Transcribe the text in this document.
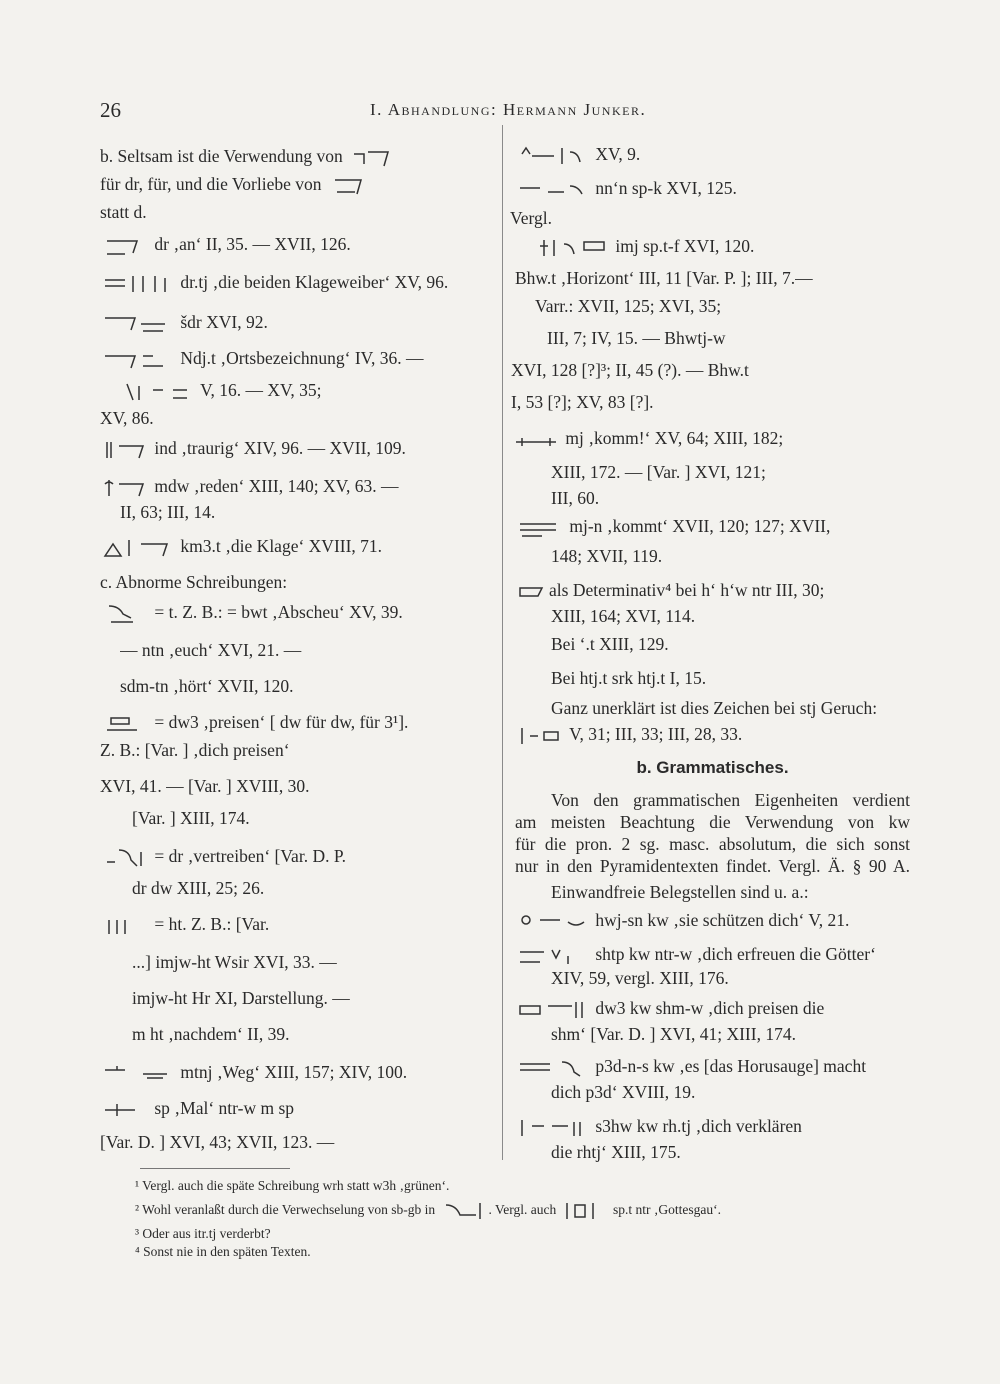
26	I. Abhandlung: Hermann Junker.
b. Seltsam ist die Verwendung von
für dr, für, und die Vorliebe von
statt d.
dr ‚an‘ II, 35. — XVII, 126.
dr.tj ‚die beiden Klageweiber‘ XV, 96.
šdr XVI, 92.
Ndj.t ‚Ortsbezeichnung‘ IV, 36. —
V, 16. — XV, 35;
XV, 86.
ind ‚traurig‘ XIV, 96. — XVII, 109.
mdw ‚reden‘ XIII, 140; XV, 63. —
II, 63; III, 14.
km3.t ‚die Klage‘ XVIII, 71.
c. Abnorme Schreibungen:
= t. Z. B.: = bwt ‚Abscheu‘ XV, 39.
— ntn ‚euch‘ XVI, 21. —
sdm-tn ‚hört‘ XVII, 120.
= dw3 ‚preisen‘ [ dw für dw, für 3¹].
Z. B.: [Var. ] ‚dich preisen‘
XVI, 41. — [Var. ] XVIII, 30.
[Var. ] XIII, 174.
= dr ‚vertreiben‘ [Var. D. P.
dr dw XIII, 25; 26.
= ht. Z. B.: [Var.
...] imjw-ht Wsir XVI, 33. —
imjw-ht Hr XI, Darstellung. —
m ht ‚nachdem‘ II, 39.
mtnj ‚Weg‘ XIII, 157; XIV, 100.
sp ‚Mal‘ ntr-w m sp
[Var. D. ] XVI, 43; XVII, 123. —
XV, 9.
nn‘n sp-k XVI, 125.
Vergl.
imj sp.t-f XVI, 120.
Bhw.t ‚Horizont‘ III, 11 [Var. P. ]; III, 7.—
Varr.: XVII, 125; XVI, 35;
III, 7; IV, 15. — Bhwtj-w
XVI, 128 [?]³; II, 45 (?). — Bhw.t
I, 53 [?]; XV, 83 [?].
mj ‚komm!‘ XV, 64; XIII, 182;
XIII, 172. — [Var. ] XVI, 121;
III, 60.
mj-n ‚kommt‘ XVII, 120; 127; XVII,
148; XVII, 119.
als Determinativ⁴ bei h‘ h‘w ntr III, 30;
XIII, 164; XVI, 114.
Bei ‘.t XIII, 129.
Bei htj.t srk htj.t I, 15.
Ganz unerklärt ist dies Zeichen bei stj Geruch:
V, 31; III, 33; III, 28, 33.
b. Grammatisches.
Von den grammatischen Eigenheiten verdient
am meisten Beachtung die Verwendung von kw
für die pron. 2 sg. masc. absolutum, die sich sonst
nur in den Pyramidentexten findet. Vergl. Ä. § 90 A.
Einwandfreie Belegstellen sind u. a.:
hwj-sn kw ‚sie schützen dich‘ V, 21.
shtp kw ntr-w ‚dich erfreuen die Götter‘
XIV, 59, vergl. XIII, 176.
dw3 kw shm-w ‚dich preisen die
shm‘ [Var. D. ] XVI, 41; XIII, 174.
p3d-n-s kw ‚es [das Horusauge] macht
dich p3d‘ XVIII, 19.
s3hw kw rh.tj ‚dich verklären
die rhtj‘ XIII, 175.
¹ Vergl. auch die späte Schreibung wrh statt w3h ‚grünen‘.
² Wohl veranlaßt durch die Verwechselung von sb-gb in	. Vergl. auch	sp.t ntr ‚Gottesgau‘.
³ Oder aus itr.tj verderbt?
⁴ Sonst nie in den späten Texten.
